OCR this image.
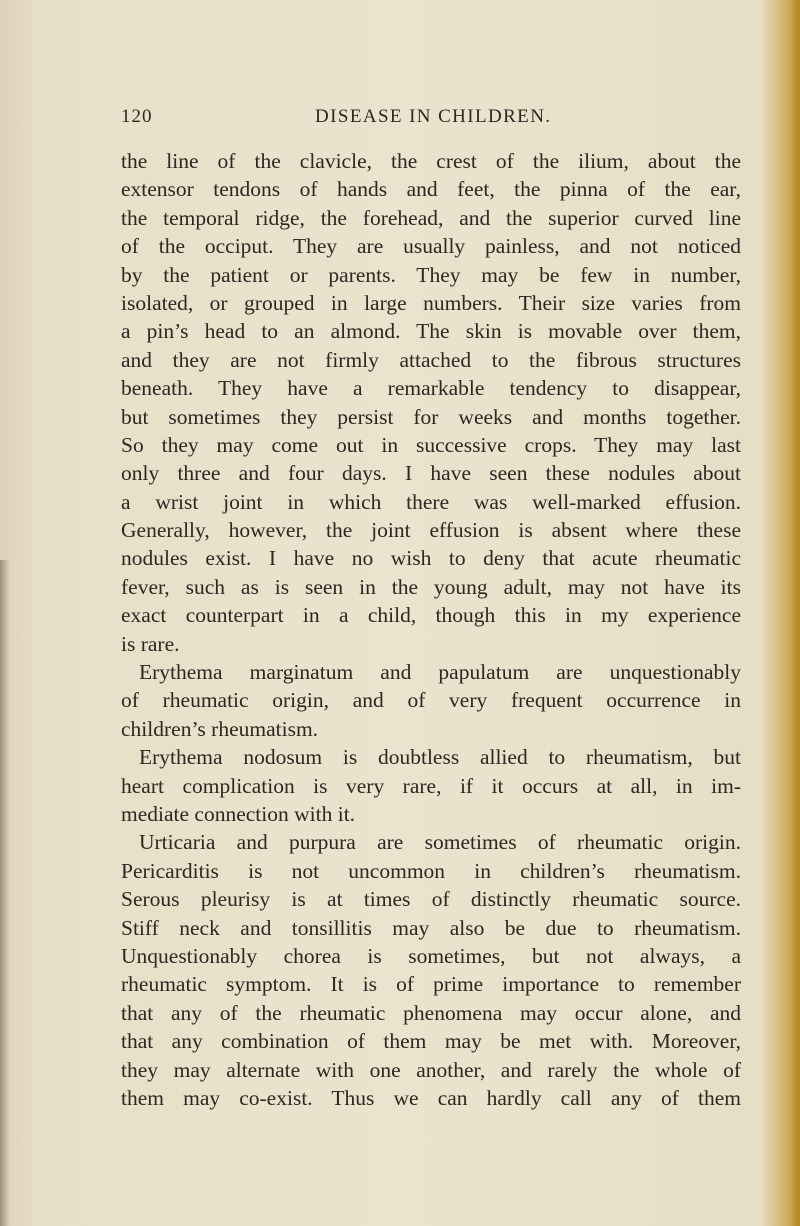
120	DISEASE IN CHILDREN.
the line of the clavicle, the crest of the ilium, about the
extensor tendons of hands and feet, the pinna of the ear,
the temporal ridge, the forehead, and the superior curved line
of the occiput. They are usually painless, and not noticed
by the patient or parents. They may be few in number,
isolated, or grouped in large numbers. Their size varies from
a pin’s head to an almond. The skin is movable over them,
and they are not firmly attached to the fibrous structures
beneath. They have a remarkable tendency to disappear,
but sometimes they persist for weeks and months together.
So they may come out in successive crops. They may last
only three and four days. I have seen these nodules about
a wrist joint in which there was well-marked effusion.
Generally, however, the joint effusion is absent where these
nodules exist. I have no wish to deny that acute rheumatic
fever, such as is seen in the young adult, may not have its
exact counterpart in a child, though this in my experience
is rare.
Erythema marginatum and papulatum are unquestionably
of rheumatic origin, and of very frequent occurrence in
children’s rheumatism.
Erythema nodosum is doubtless allied to rheumatism, but
heart complication is very rare, if it occurs at all, in im-
mediate connection with it.
Urticaria and purpura are sometimes of rheumatic origin.
Pericarditis is not uncommon in children’s rheumatism.
Serous pleurisy is at times of distinctly rheumatic source.
Stiff neck and tonsillitis may also be due to rheumatism.
Unquestionably chorea is sometimes, but not always, a
rheumatic symptom. It is of prime importance to remember
that any of the rheumatic phenomena may occur alone, and
that any combination of them may be met with. Moreover,
they may alternate with one another, and rarely the whole of
them may co-exist. Thus we can hardly call any of them
